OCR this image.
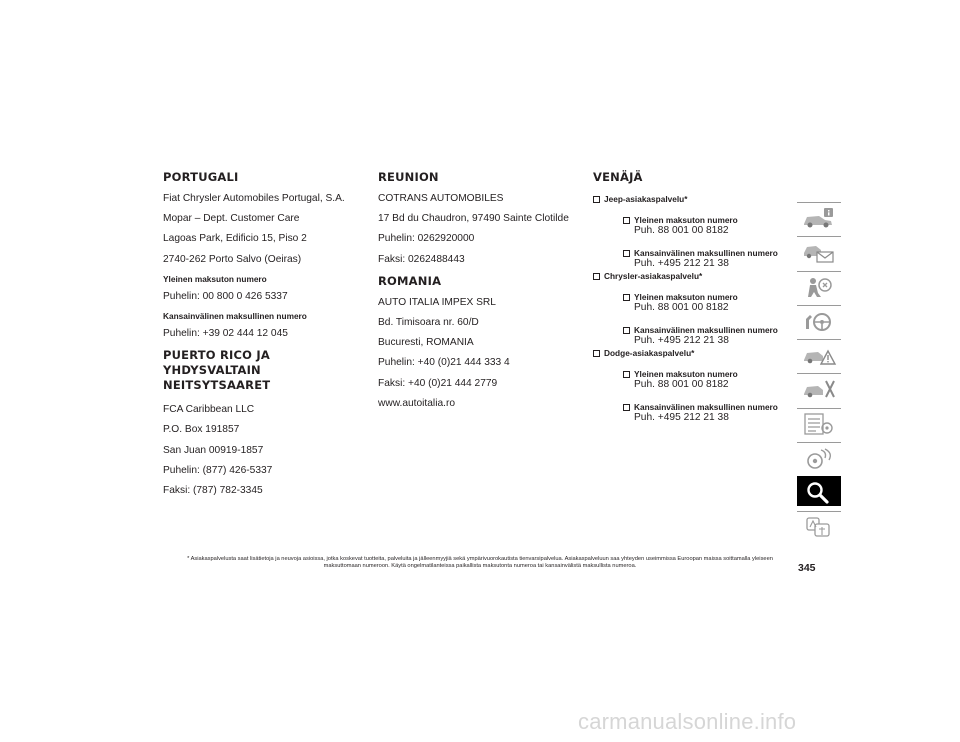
PORTUGALI

Fiat Chrysler Automobiles Portugal, S.A.

Mopar – Dept. Customer Care

Lagoas Park, Edificio 15, Piso 2

2740-262 Porto Salvo (Oeiras)

Yleinen maksuton numero

Puhelin: 00 800 0 426 5337

Kansainvälinen maksullinen numero

Puhelin: +39 02 444 12 045

PUERTO RICO JA YHDYSVALTAIN NEITSYTSAARET

FCA Caribbean LLC

P.O. Box 191857

San Juan 00919-1857

Puhelin: (877) 426-5337

Faksi: (787) 782-3345

REUNION

COTRANS AUTOMOBILES

17 Bd du Chaudron, 97490 Sainte Clotilde

Puhelin: 0262920000

Faksi: 0262488443

ROMANIA

AUTO ITALIA IMPEX SRL

Bd. Timisoara nr. 60/D

Bucuresti, ROMANIA

Puhelin: +40 (0)21 444 333 4

Faksi: +40 (0)21 444 2779

www.autoitalia.ro

VENÄJÄ
Jeep-asiakaspalvelu*
Yleinen maksuton numero
Puh. 88 001 00 8182
Kansainvälinen maksullinen numero
Puh. +495 212 21 38
Chrysler-asiakaspalvelu*
Yleinen maksuton numero
Puh. 88 001 00 8182
Kansainvälinen maksullinen numero
Puh. +495 212 21 38
Dodge-asiakaspalvelu*
Yleinen maksuton numero
Puh. 88 001 00 8182
Kansainvälinen maksullinen numero
Puh. +495 212 21 38
* Asiakaspalvelusta saat lisätietoja ja neuvoja asioissa, jotka koskevat tuotteita, palveluita ja jälleenmyyjiä sekä ympärivuorokautista tienvarsipalvelua. Asiakaspalveluun saa yhteyden useimmissa Euroopan maissa soittamalla yleiseen maksuttomaan numeroon. Käytä ongelmatilanteissa paikallista maksutonta numeroa tai kansainvälistä maksullista numeroa.	345
carmanualsonline.info
